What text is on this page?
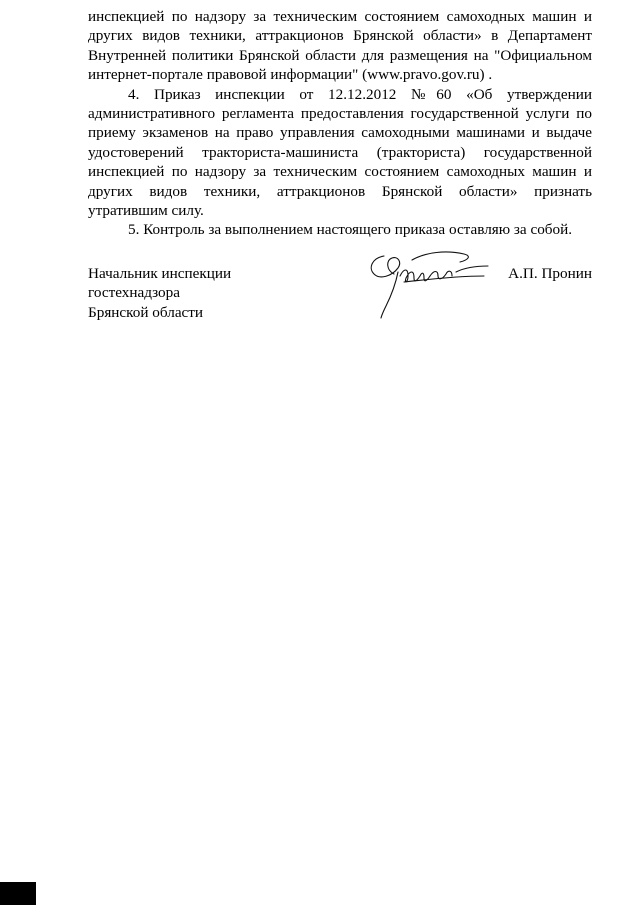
инспекцией по надзору за техническим состоянием самоходных машин и других видов техники, аттракционов Брянской области» в Департамент Внутренней политики Брянской области для размещения на "Официальном интернет-портале правовой информации" (www.pravo.gov.ru) .

4. Приказ инспекции от 12.12.2012 №60 «Об утверждении административного регламента предоставления государственной услуги по приему экзаменов на право управления самоходными машинами и выдаче удостоверений тракториста-машиниста (тракториста) государственной инспекцией по надзору за техническим состоянием самоходных машин и других видов техники, аттракционов Брянской области» признать утратившим силу.

5. Контроль за выполнением настоящего приказа оставляю за собой.

Начальник инспекции
гостехнадзора
Брянской области
А.П. Пронин
